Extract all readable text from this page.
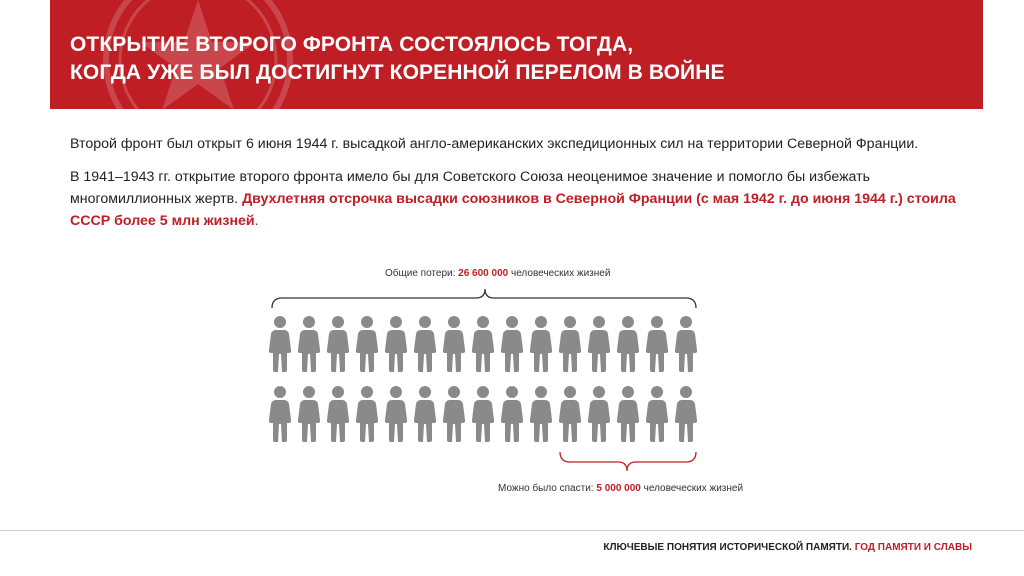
ОТКРЫТИЕ ВТОРОГО ФРОНТА СОСТОЯЛОСЬ ТОГДА,
КОГДА УЖЕ БЫЛ ДОСТИГНУТ КОРЕННОЙ ПЕРЕЛОМ В ВОЙНЕ
Второй фронт был открыт 6 июня 1944 г. высадкой англо-американских экспедиционных сил на территории Северной Франции.
В 1941–1943 гг. открытие второго фронта имело бы для Советского Союза неоценимое значение и помогло бы избежать многомиллионных жертв. Двухлетняя отсрочка высадки союзников в Северной Франции (с мая 1942 г. до июня 1944 г.) стоила СССР более 5 млн жизней.
Общие потери: 26 600 000 человеческих жизней
Можно было спасти: 5 000 000 человеческих жизней
КЛЮЧЕВЫЕ ПОНЯТИЯ ИСТОРИЧЕСКОЙ ПАМЯТИ. ГОД ПАМЯТИ И СЛАВЫ
